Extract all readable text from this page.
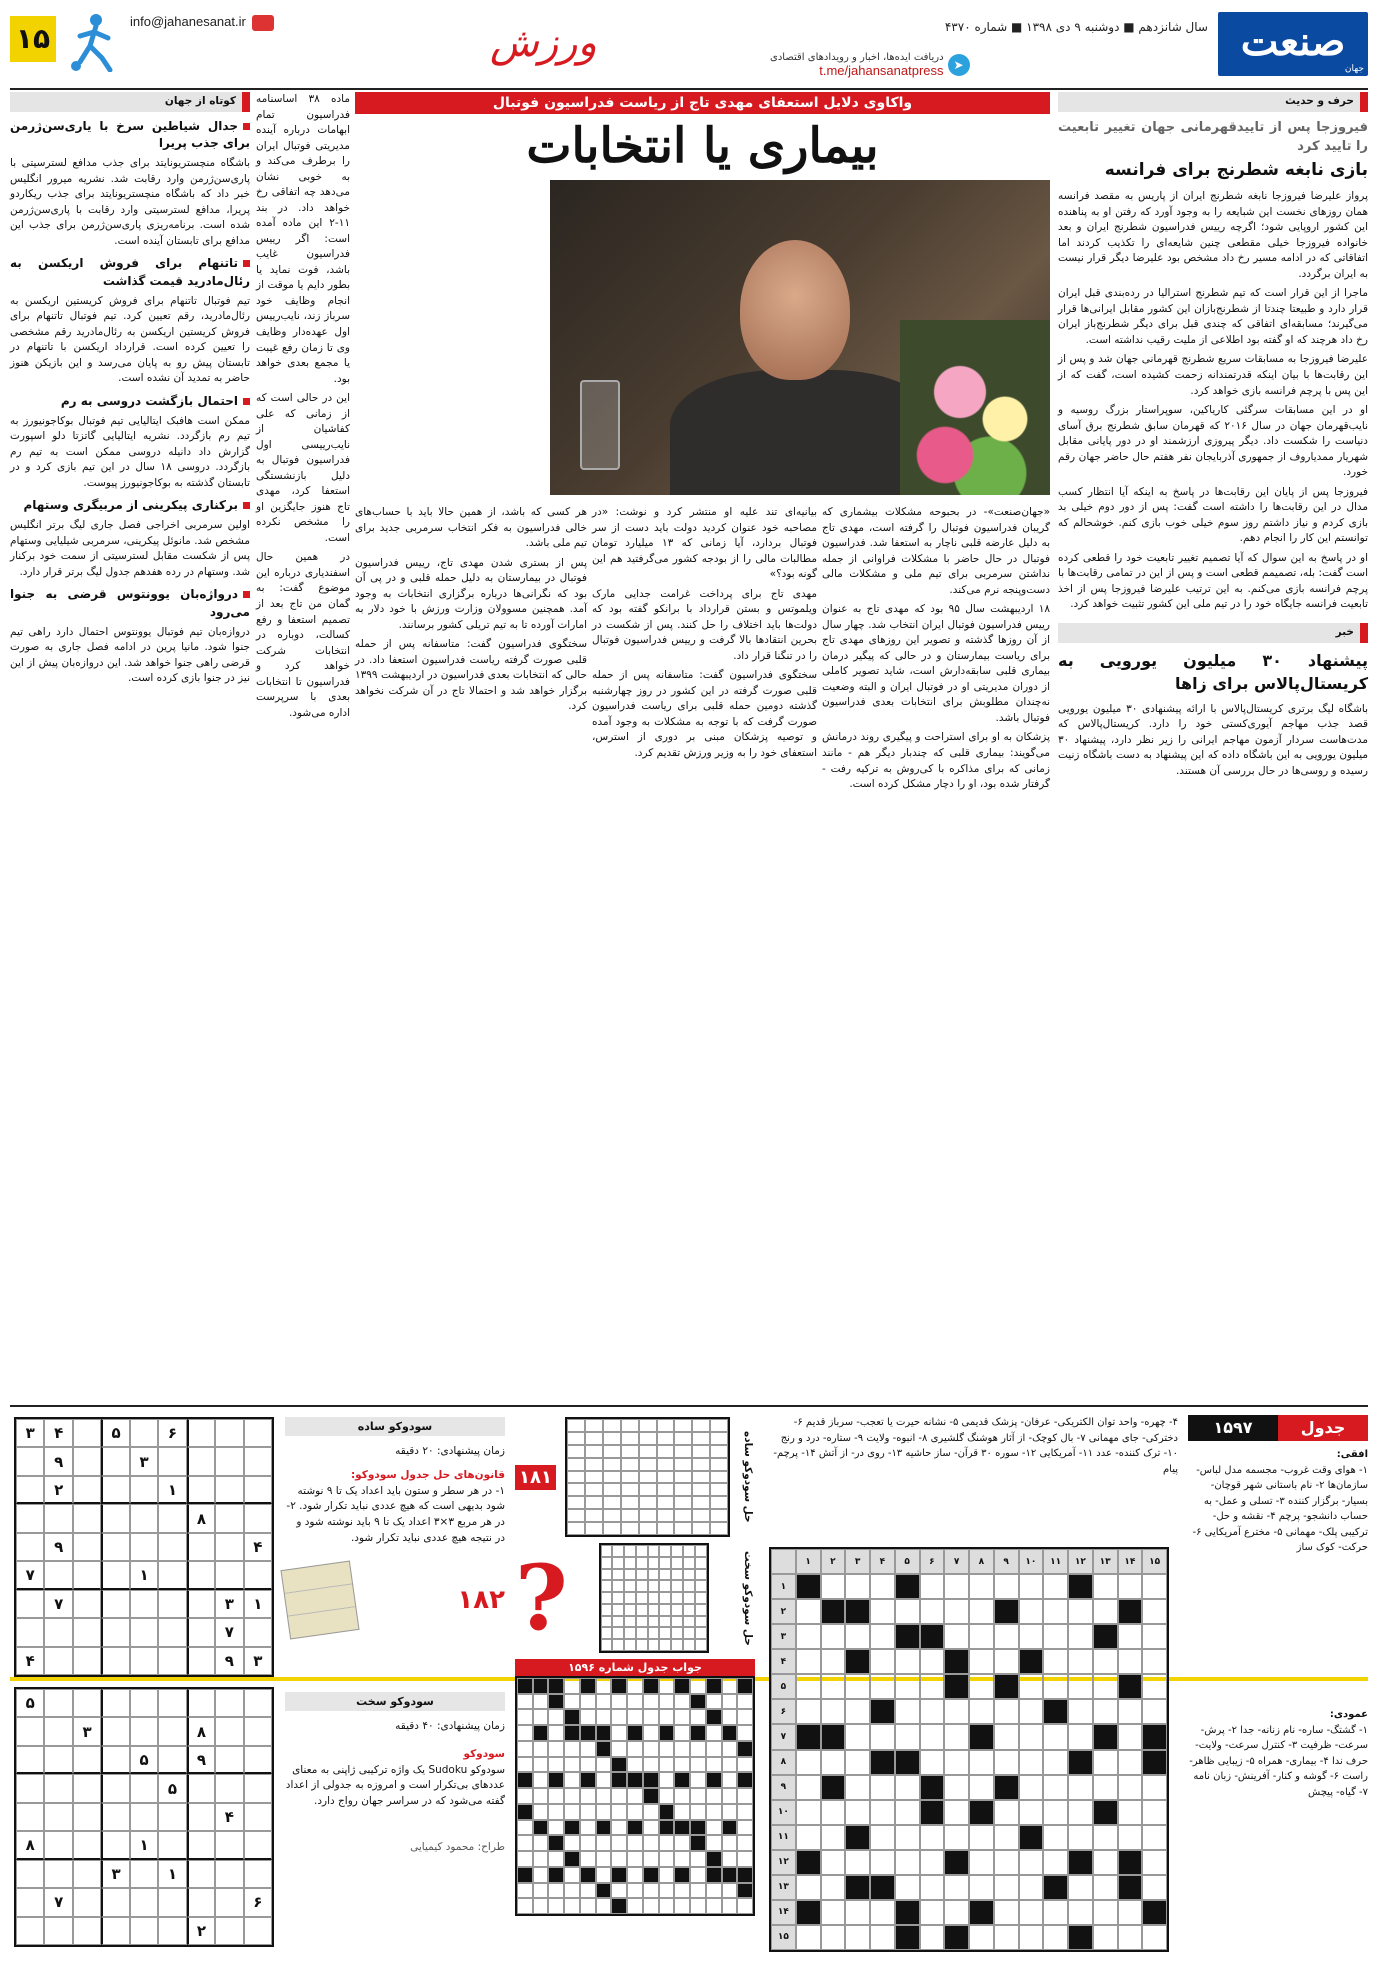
۱۵
info@jahanesanat.ir	ورزش	➤
دریافت ایده‌ها، اخبار و رویدادهای اقتصادی
t.me/jahansanatpress
سال شانزدهم ■ دوشنبه ۹ دی ۱۳۹۸ ■ شماره ۴۳۷۰ صنعت
جهان
حرف و حدیث
فیروزجا پس از تاییدقهرمانی جهان تغییر تابعیت را تایید کرد
بازی نابغه شطرنج برای فرانسه

پرواز علیرضا فیروزجا نابغه شطرنج ایران از پاریس به مقصد فرانسه همان روزهای نخست این شبایعه را به وجود آورد که رفتن او به پناهنده این کشور اروپایی شود؛ اگرچه رییس فدراسیون شطرنج ایران و بعد خانواده فیروزجا خیلی مقطعی چنین شایعه‌ای را تکذیب کردند اما اتفاقاتی که در ادامه مسیر رخ داد مشخص بود علیرضا دیگر قرار نیست به ایران برگردد.

ماجرا از این قرار است که تیم شطرنج استرالیا در رده‌بندی قبل ایران قرار دارد و طبیعتا چندتا از شطرنج‌بازان این کشور مقابل ایرانی‌ها قرار می‌گیرند؛ مسابقه‌ای اتفاقی که چندی قبل برای دیگر شطرنج‌باز ایران رخ داد هرچند که او گفته بود اطلاعی از ملیت رقیب نداشته است.

علیرضا فیروزجا به مسابقات سریع شطرنج قهرمانی جهان شد و پس از این رقابت‌ها با بیان اینکه قدرتمندانه زحمت کشیده است، گفت که از این پس با پرچم فرانسه بازی خواهد کرد.

او در این مسابقات سرگئی کاریاکین، سوپراستار بزرگ روسیه و نایب‌قهرمان جهان در سال ۲۰۱۶ که قهرمان سابق شطرنج برق آسای دنیاست را شکست داد. دیگر پیروزی ارزشمند او در دور پایانی مقابل شهریار ممدیاروف از جمهوری آذربایجان نفر هفتم حال حاضر جهان رقم خورد.

فیروزجا پس از پایان این رقابت‌ها در پاسخ به اینکه آیا انتظار کسب مدال در این رقابت‌ها را داشته است گفت: پس از دور دوم خیلی بد بازی کردم و نیاز داشتم روز سوم خیلی خوب بازی کنم. خوشحالم که توانستم این کار را انجام دهم.

او در پاسخ به این سوال که آیا تصمیم تغییر تابعیت خود را قطعی کرده است گفت: بله، تصمیمم قطعی است و پس از این در تمامی رقابت‌ها با پرچم فرانسه بازی می‌کنم. به این ترتیب علیرضا فیروزجا پس از اخذ تابعیت فرانسه جایگاه خود را در تیم ملی این کشور تثبیت خواهد کرد.

خبر
پیشنهاد ۳۰ میلیون یورویی به کریستال‌پالاس برای زاها

باشگاه لیگ برتری کریستال‌پالاس با ارائه پیشنهادی ۳۰ میلیون یورویی قصد جذب مهاجم آیوری‌کستی خود را دارد. کریستال‌پالاس که مدت‌هاست سردار آزمون مهاجم ایرانی را زیر نظر دارد، پیشنهاد ۳۰ میلیون یورویی به این باشگاه داده که این پیشنهاد به دست باشگاه زنیت رسیده و روسی‌ها در حال بررسی آن هستند.

واکاوی دلایل استعفای مهدی تاج از ریاست فدراسیون فوتبال
بیماری یا انتخابات

«جهان‌صنعت»- در بحبوحه مشکلات بیشماری که گریبان فدراسیون فوتبال را گرفته است، مهدی تاج به دلیل عارضه قلبی ناچار به استعفا شد. فدراسیون فوتبال در حال حاضر با مشکلات فراوانی از جمله نداشتن سرمربی برای تیم ملی و مشکلات مالی دست‌وپنجه نرم می‌کند.

۱۸ اردیبهشت سال ۹۵ بود که مهدی تاج به عنوان رییس فدراسیون فوتبال ایران انتخاب شد. چهار سال از آن روزها گذشته و تصویر این روزهای مهدی تاج برای ریاست بیمارستان و در حالی که پیگیر درمان بیماری قلبی سابقه‌دارش است، شاید تصویر کاملی از دوران مدیریتی او در فوتبال ایران و البته وضعیت نه‌چندان مطلوبش برای انتخابات بعدی فدراسیون فوتبال باشد.

پزشکان به او برای استراحت و پیگیری روند درمانش می‌گویند: بیماری قلبی که چندبار دیگر هم - مانند زمانی که برای مذاکره با کی‌روش به ترکیه رفت - گرفتار شده بود، او را دچار مشکل کرده است.

بیانیه‌ای تند علیه او منتشر کرد و نوشت: «در مصاحبه خود عنوان کردید دولت باید دست از سر فوتبال بردارد، آیا زمانی که ۱۳ میلیارد تومان مطالبات مالی را از بودجه کشور می‌گرفتید هم این گونه بود؟»

مهدی تاج برای پرداخت غرامت جدایی مارک ویلموتس و بستن قرارداد با برانکو گفته بود که دولت‌ها باید اختلاف را حل کنند. پس از شکست در بحرین انتقادها بالا گرفت و رییس فدراسیون فوتبال را در تنگنا قرار داد.

سختگوی فدراسیون گفت: متاسفانه پس از حمله قلبی صورت گرفته در این کشور در روز چهارشنبه گذشته دومین حمله قلبی برای ریاست فدراسیون صورت گرفت که با توجه به مشکلات به وجود آمده و توصیه پزشکان مبنی بر دوری از استرس، استعفای خود را به وزیر ورزش تقدیم کرد.

هر کسی که باشد، از همین حالا باید با حساب‌های خالی فدراسیون به فکر انتخاب سرمربی جدید برای تیم ملی باشد.

پس از بستری شدن مهدی تاج، رییس فدراسیون فوتبال در بیمارستان به دلیل حمله قلبی و در پی آن بود که نگرانی‌ها درباره برگزاری انتخابات به وجود آمد. همچنین مسوولان وزارت ورزش با خود دلار به امارات آورده تا به تیم تریلی کشور برسانند.

سختگوی فدراسیون گفت: متاسفانه پس از حمله قلبی صورت گرفته ریاست فدراسیون استعفا داد. در حالی که انتخابات بعدی فدراسیون در اردیبهشت ۱۳۹۹ برگزار خواهد شد و احتمالا تاج در آن شرکت نخواهد کرد.

کوتاه از جهان
جدال شیاطین سرخ با یاری‌سن‌ژرمن برای جذب پریرا

باشگاه منچستریونایتد برای جذب مدافع لسترسیتی با پاری‌سن‌ژرمن وارد رقابت شد. نشریه میرور انگلیس خبر داد که باشگاه منچستریونایتد برای جذب ریکاردو پریرا، مدافع لسترسیتی وارد رقابت با پاری‌سن‌ژرمن شده است. برنامه‌ریزی پاری‌سن‌ژرمن برای جذب این مدافع برای تابستان آینده است.

تاتنهام برای فروش اریکسن به رئال‌مادرید قیمت گذاشت

تیم فوتبال تاتنهام برای فروش کریستین اریکسن به رئال‌مادرید، رقم تعیین کرد. تیم فوتبال تاتنهام برای فروش کریستین اریکسن به رئال‌مادرید رقم مشخصی را تعیین کرده است. قرارداد اریکسن با تاتنهام در تابستان پیش رو به پایان می‌رسد و این بازیکن هنوز حاضر به تمدید آن نشده است.

احتمال بازگشت دروسی به رم

ممکن است هافبک ایتالیایی تیم فوتبال بوکاجونیورز به تیم رم بازگردد. نشریه ایتالیایی گاتزتا دلو اسپورت گزارش داد دانیله دروسی ممکن است به تیم رم بازگردد. دروسی ۱۸ سال در این تیم بازی کرد و در تابستان گذشته به بوکاجونیورز پیوست.

برکناری پیکرینی از مربیگری وستهام

اولین سرمربی اخراجی فصل جاری لیگ برتر انگلیس مشخص شد. مانوئل پیکرینی، سرمربی شیلیایی وستهام پس از شکست مقابل لسترسیتی از سمت خود برکنار شد. وستهام در رده هفدهم جدول لیگ برتر قرار دارد.

درواژه‌بان یوونتوس قرضی به جنوا می‌رود

دروازه‌بان تیم فوتبال یوونتوس احتمال دارد راهی تیم جنوا شود. مانیا پرین در ادامه فصل جاری به صورت قرضی راهی جنوا خواهد شد. این دروازه‌بان پیش از این نیز در جنوا بازی کرده است.

ماده ۳۸ اساسنامه فدراسیون تمام ابهامات درباره آینده مدیریتی فوتبال ایران را برطرف می‌کند و به خوبی نشان می‌دهد چه اتفاقی رخ خواهد داد. در بند ۱۱-۲ این ماده آمده است: اگر رییس فدراسیون غایب باشد، فوت نماید یا بطور دایم یا موقت از انجام وظایف خود سرباز زند، نایب‌رییس اول عهده‌دار وظایف وی تا زمان رفع غیبت یا مجمع بعدی خواهد بود.

این در حالی است که از زمانی که علی کفاشیان از نایب‌رییسی اول فدراسیون فوتبال به دلیل بازنشستگی استعفا کرد، مهدی تاج هنوز جایگزین او را مشخص نکرده است.

در همین حال اسفندیاری درباره این موضوع گفت: به گمان من تاج بعد از تصمیم استعفا و رفع کسالت، دوباره در انتخابات شرکت خواهد کرد و فدراسیون تا انتخابات بعدی با سرپرست اداره می‌شود.

۶
۵
۴
۳
۳
۹
۱
۲
۸
۴
۹
۱
۷
۱
۳
۷
۷
۳
۹
۴
۵
۸
۳
۹
۵
۵
۴
۱
۸
۱
۳
۶
۷
۲
سودوکو ساده
زمان پیشنهادی: ۲۰ دقیقه
قانون‌های حل جدول سودوکو:
۱- در هر سطر و ستون باید اعداد یک تا ۹ نوشته شود بدیهی است که هیچ عددی نباید تکرار شود. ۲- در هر مربع ۳×۳ اعداد یک تا ۹ باید نوشته شود و در نتیجه هیچ عددی نباید تکرار شود.
۱۸۲
سودوکو سخت
زمان پیشنهادی: ۴۰ دقیقه
سودوکو
سودوکو Sudoku یک واژه ترکیبی ژاپنی به معنای عددهای بی‌تکرار است و امروزه به جدولی از اعداد گفته می‌شود که در سراسر جهان رواج دارد.
طراح: محمود کیمیایی
حل سودوکو ساده
۱۸۱
حل سودوکو سخت
?
جواب جدول شماره ۱۵۹۶
جدول
۱۵۹۷
افقی:
۱- هوای وقت غروب- مجسمه مدل لباس- سازمان‌ها ۲- نام باستانی شهر قوچان- بسیار- برگزار کننده ۳- تسلی و عمل- به حساب دانشجو- پرچم ۴- نقشه و حل- ترکیبی پلک- مهمانی ۵- مخترع آمریکایی ۶- حرکت- کوک ساز
عمودی:
۱- گشتگ- ساره- نام زنانه- جدا ۲- پرش- سرعت- ظرفیت ۳- کنترل سرعت- ولایت- حرف ندا ۴- بیماری- همراه ۵- زیبایی ظاهر- راست ۶- گوشه و کنار- آفرینش- زبان نامه ۷- گیاه- پیچش
۴- چهره- واحد توان الکتریکی- عرفان- پزشک قدیمی ۵- نشانه حیرت یا تعجب- سرباز قدیم ۶- دخترکی- جای مهمانی ۷- بال کوچک- از آثار هوشنگ گلشیری ۸- انبوه- ولایت ۹- ستاره- درد و رنج ۱۰- ترک کننده- عدد ۱۱- آمریکایی ۱۲- سوره ۳۰ قرآن- ساز حاشیه ۱۳- روی در- از آتش ۱۴- پرچم- پیام
۱۵
۱۴
۱۳
۱۲
۱۱
۱۰
۹
۸
۷
۶
۵
۴
۳
۲
۱
۱
۲
۳
۴
۵
۶
۷
۸
۹
۱۰
۱۱
۱۲
۱۳
۱۴
۱۵
